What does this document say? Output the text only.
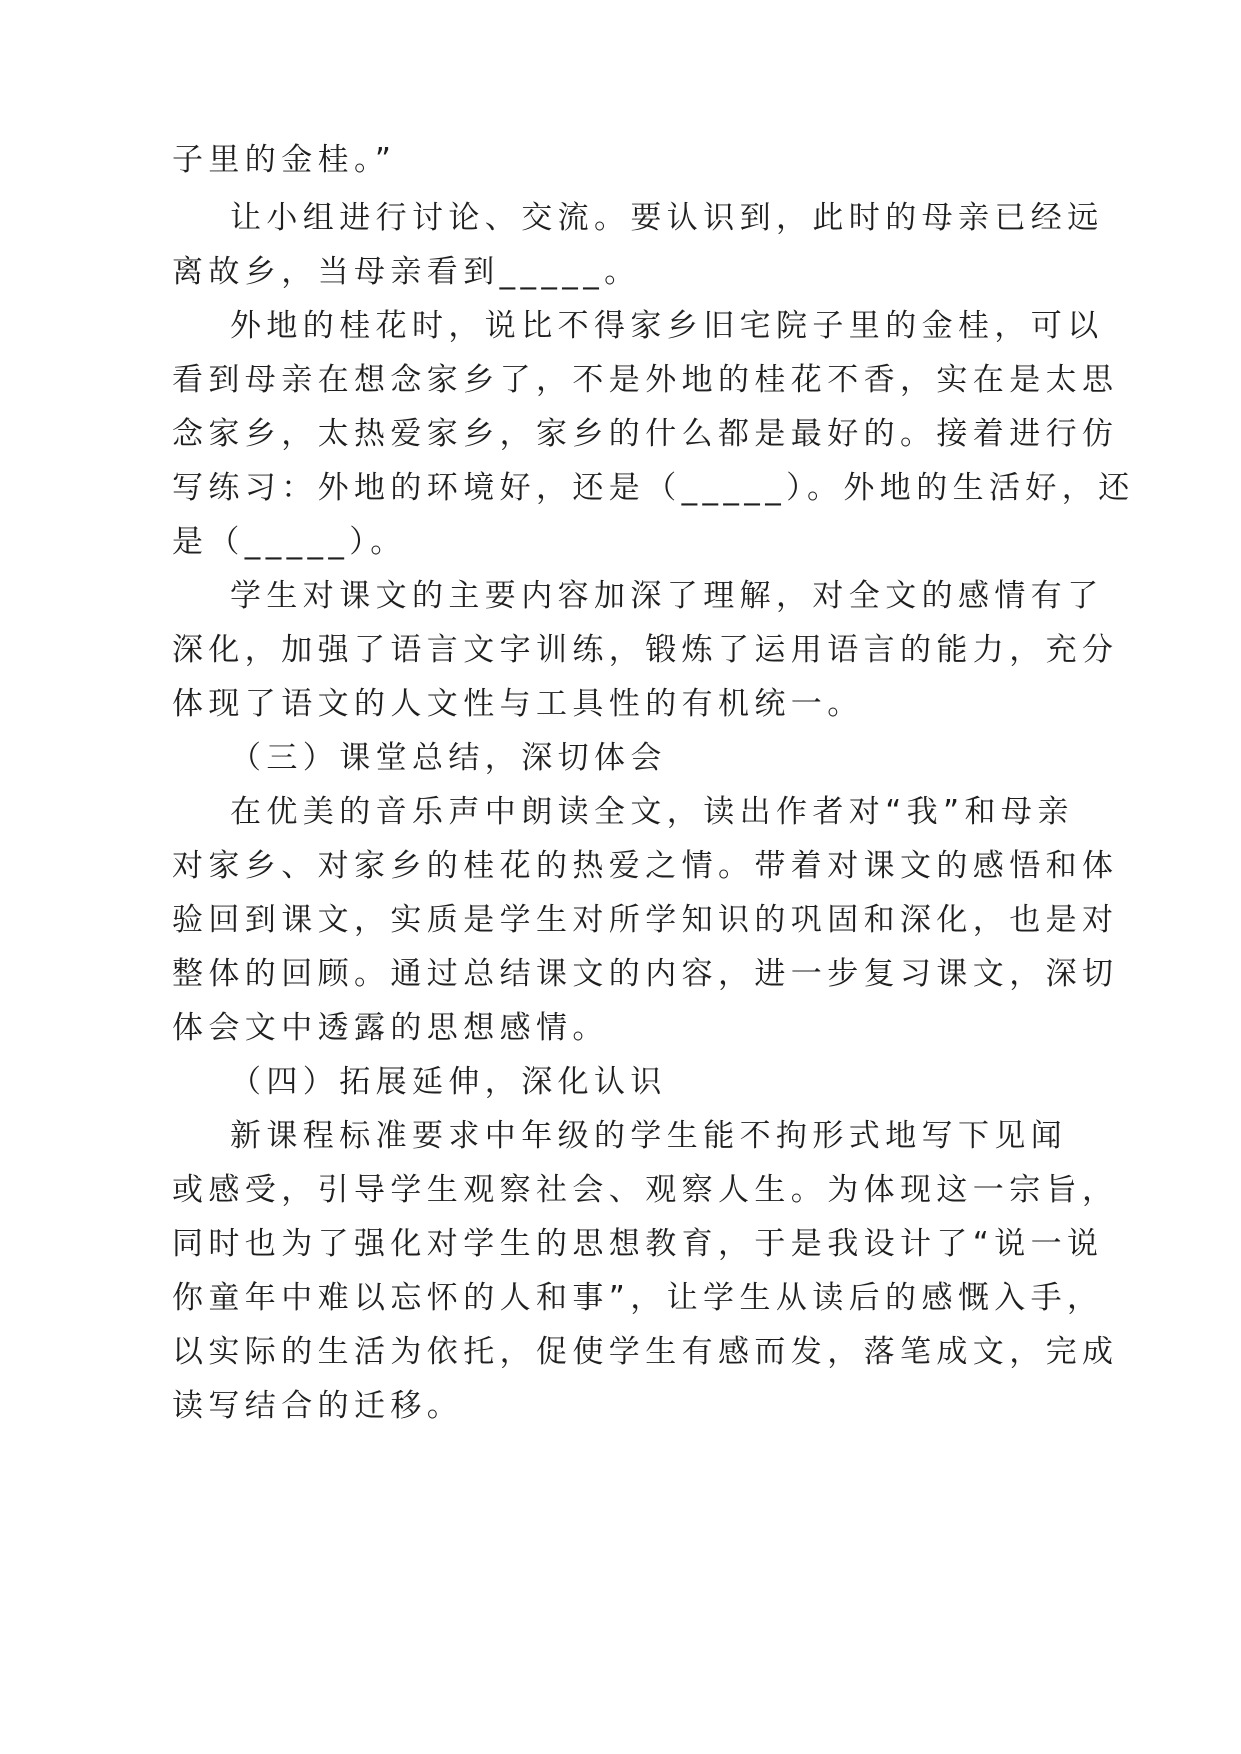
子里的金桂。”
让小组进行讨论、交流。要认识到，此时的母亲已经远
离故乡，当母亲看到_____。
外地的桂花时，说比不得家乡旧宅院子里的金桂，可以
看到母亲在想念家乡了，不是外地的桂花不香，实在是太思
念家乡，太热爱家乡，家乡的什么都是最好的。接着进行仿
写练习：外地的环境好，还是（_____）。外地的生活好，还
是（_____）。
学生对课文的主要内容加深了理解，对全文的感情有了
深化，加强了语言文字训练，锻炼了运用语言的能力，充分
体现了语文的人文性与工具性的有机统一。
（三）课堂总结，深切体会
在优美的音乐声中朗读全文，读出作者对“我”和母亲
对家乡、对家乡的桂花的热爱之情。带着对课文的感悟和体
验回到课文，实质是学生对所学知识的巩固和深化，也是对
整体的回顾。通过总结课文的内容，进一步复习课文，深切
体会文中透露的思想感情。
（四）拓展延伸，深化认识
新课程标准要求中年级的学生能不拘形式地写下见闻
或感受，引导学生观察社会、观察人生。为体现这一宗旨，
同时也为了强化对学生的思想教育，于是我设计了“说一说
你童年中难以忘怀的人和事”，让学生从读后的感慨入手，
以实际的生活为依托，促使学生有感而发，落笔成文，完成
读写结合的迁移。
